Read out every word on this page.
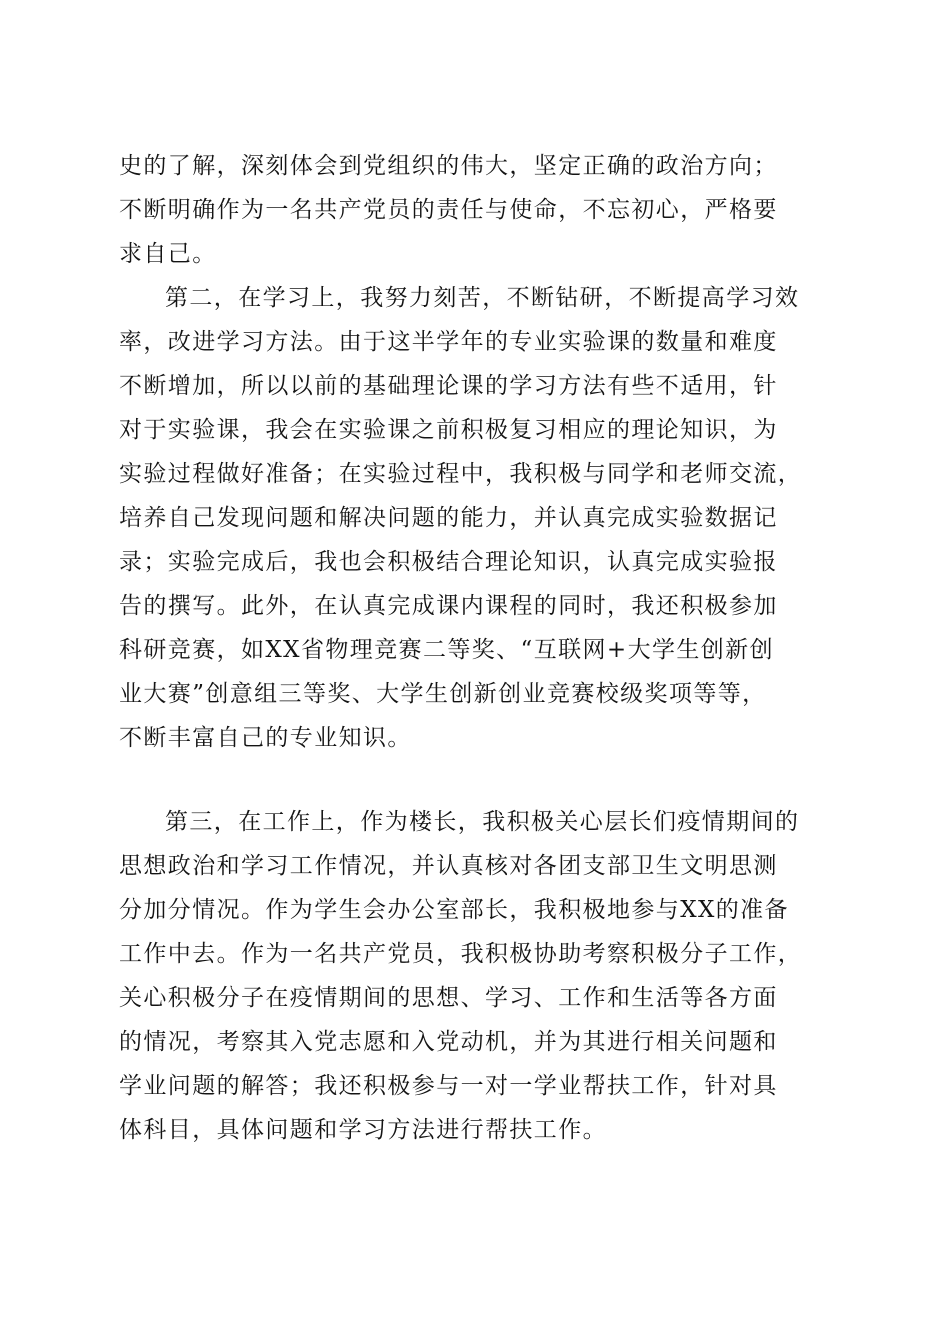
史的了解，深刻体会到党组织的伟大，坚定正确的政治方向；
不断明确作为一名共产党员的责任与使命，不忘初心，严格要
求自己。
第二，在学习上，我努力刻苦，不断钻研，不断提高学习效
率，改进学习方法。由于这半学年的专业实验课的数量和难度
不断增加，所以以前的基础理论课的学习方法有些不适用，针
对于实验课，我会在实验课之前积极复习相应的理论知识，为
实验过程做好准备；在实验过程中，我积极与同学和老师交流，
培养自己发现问题和解决问题的能力，并认真完成实验数据记
录；实验完成后，我也会积极结合理论知识，认真完成实验报
告的撰写。此外，在认真完成课内课程的同时，我还积极参加
科研竞赛，如XX省物理竞赛二等奖、“互联网+大学生创新创
业大赛”创意组三等奖、大学生创新创业竞赛校级奖项等等，
不断丰富自己的专业知识。
第三，在工作上，作为楼长，我积极关心层长们疫情期间的
思想政治和学习工作情况，并认真核对各团支部卫生文明思测
分加分情况。作为学生会办公室部长，我积极地参与XX的准备
工作中去。作为一名共产党员，我积极协助考察积极分子工作，
关心积极分子在疫情期间的思想、学习、工作和生活等各方面
的情况，考察其入党志愿和入党动机，并为其进行相关问题和
学业问题的解答；我还积极参与一对一学业帮扶工作，针对具
体科目，具体问题和学习方法进行帮扶工作。
